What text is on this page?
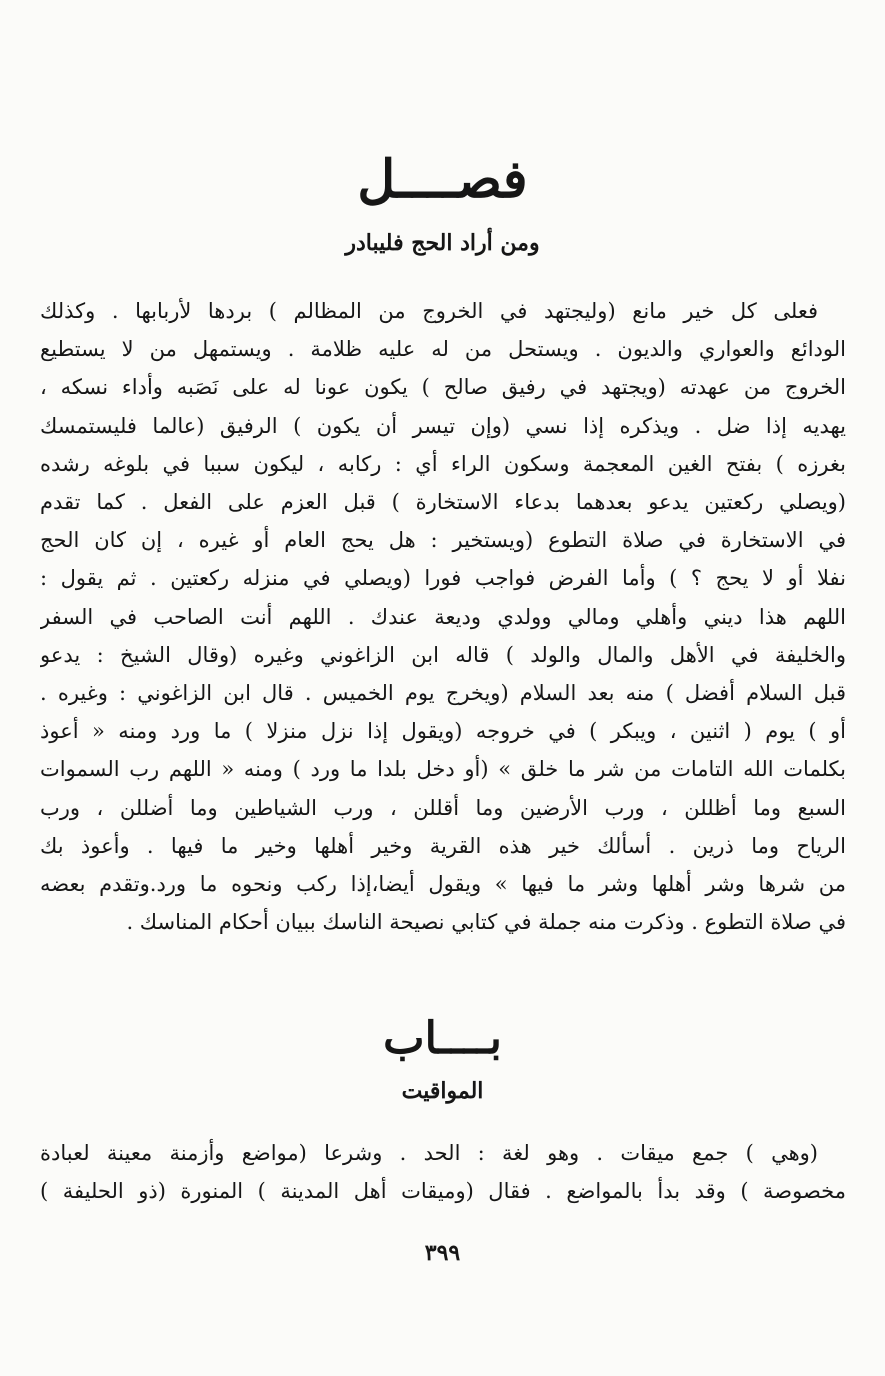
فصــــل
ومن أراد الحج فليبادر
فعلى كل خير مانع (وليجتهد في الخروج من المظالم ) بردها لأربابها . وكذلك
الودائع والعواري والديون . ويستحل من له عليه ظلامة . ويستمهل من لا يستطيع
الخروج من عهدته (ويجتهد في رفيق صالح ) يكون عونا له على نَصَبه وأداء نسكه ،
يهديه إذا ضل . ويذكره إذا نسي (وإن تيسر أن يكون ) الرفيق (عالما فليستمسك
بغرزه ) بفتح الغين المعجمة وسكون الراء أي : ركابه ، ليكون سببا في بلوغه رشده
(ويصلي ركعتين يدعو بعدهما بدعاء الاستخارة ) قبل العزم على الفعل . كما تقدم
في الاستخارة في صلاة التطوع (ويستخير : هل يحج العام أو غيره ، إن كان الحج
نفلا أو لا يحج ؟ ) وأما الفرض فواجب فورا (ويصلي في منزله ركعتين . ثم يقول :
اللهم هذا ديني وأهلي ومالي وولدي وديعة عندك . اللهم أنت الصاحب في السفر
والخليفة في الأهل والمال والولد ) قاله ابن الزاغوني وغيره (وقال الشيخ : يدعو
قبل السلام أفضل ) منه بعد السلام (ويخرج يوم الخميس . قال ابن الزاغوني : وغيره .
أو ) يوم ( اثنين ، ويبكر ) في خروجه (ويقول إذا نزل منزلا ) ما ورد ومنه « أعوذ
بكلمات الله التامات من شر ما خلق » (أو دخل بلدا ما ورد ) ومنه « اللهم رب السموات
السبع وما أظللن ، ورب الأرضين وما أقللن ، ورب الشياطين وما أضللن ، ورب
الرياح وما ذرين . أسألك خير هذه القرية وخير أهلها وخير ما فيها . وأعوذ بك
من شرها وشر أهلها وشر ما فيها » ويقول أيضا،إذا ركب ونحوه ما ورد.وتقدم بعضه
في صلاة التطوع . وذكرت منه جملة في كتابي نصيحة الناسك ببيان أحكام المناسك .
بــــاب
المواقيت
(وهي ) جمع ميقات . وهو لغة : الحد . وشرعا (مواضع وأزمنة معينة لعبادة
مخصوصة ) وقد بدأ بالمواضع . فقال (وميقات أهل المدينة ) المنورة (ذو الحليفة )
٣٩٩
